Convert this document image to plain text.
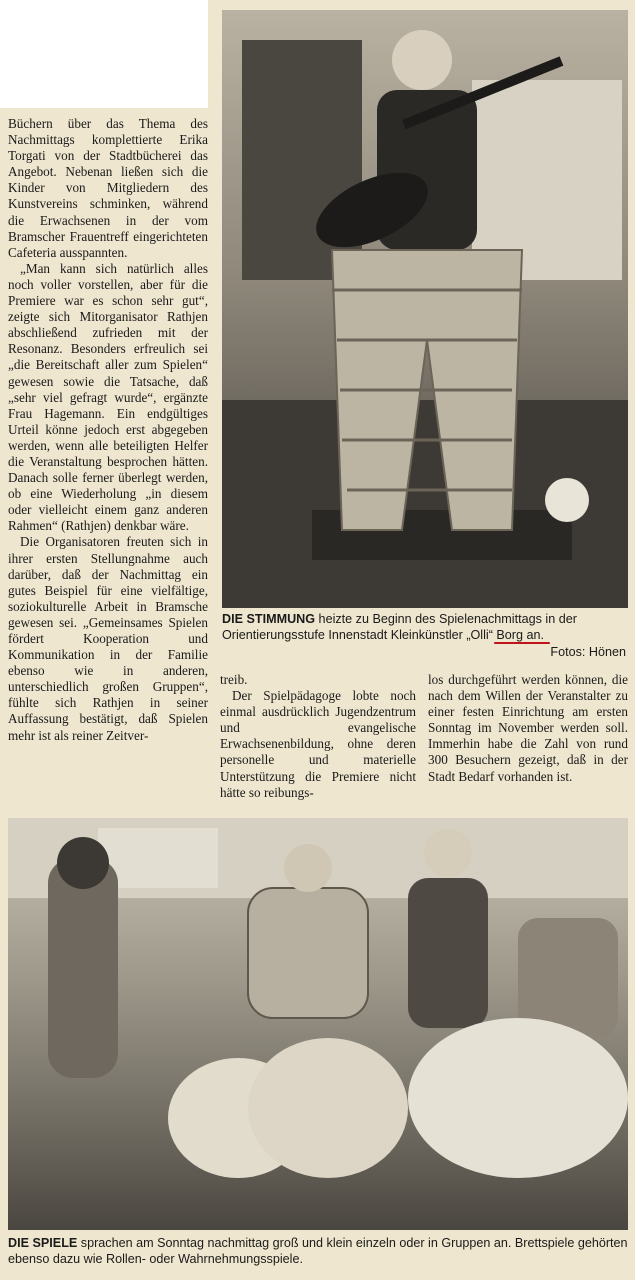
Büchern über das Thema des Nachmittags komplettierte Erika Torgati von der Stadtbücherei das Angebot. Nebenan ließen sich die Kinder von Mitgliedern des Kunstvereins schminken, während die Erwachsenen in der vom Bramscher Frauentreff eingerichteten Cafeteria ausspannten.

„Man kann sich natürlich alles noch voller vorstellen, aber für die Premiere war es schon sehr gut“, zeigte sich Mitorganisator Rathjen abschließend zufrieden mit der Resonanz. Besonders erfreulich sei „die Bereitschaft aller zum Spielen“ gewesen sowie die Tatsache, daß „sehr viel gefragt wurde“, ergänzte Frau Hagemann. Ein endgültiges Urteil könne jedoch erst abgegeben werden, wenn alle beteiligten Helfer die Veranstaltung besprochen hätten. Danach solle ferner überlegt werden, ob eine Wiederholung „in diesem oder vielleicht einem ganz anderen Rahmen“ (Rathjen) denkbar wäre.

Die Organisatoren freuten sich in ihrer ersten Stellungnahme auch darüber, daß der Nachmittag ein gutes Beispiel für eine vielfältige, soziokulturelle Arbeit in Bramsche gewesen sei. „Gemeinsames Spielen fördert Kooperation und Kommunikation in der Familie ebenso wie in anderen, unterschiedlich großen Gruppen“, fühlte sich Rathjen in seiner Auffassung bestätigt, daß Spielen mehr ist als reiner Zeitver-

DIE STIMMUNG heizte zu Beginn des Spielenachmittags in der Orientierungsstufe Innenstadt Kleinkünstler „Olli“ Borg an.
Fotos: Hönen

treib.

Der Spielpädagoge lobte noch einmal ausdrücklich Jugendzentrum und evangelische Erwachsenenbildung, ohne deren personelle und materielle Unterstützung die Premiere nicht hätte so reibungs-

los durchgeführt werden können, die nach dem Willen der Veranstalter zu einer festen Einrichtung am ersten Sonntag im November werden soll. Immerhin habe die Zahl von rund 300 Besuchern gezeigt, daß in der Stadt Bedarf vorhanden ist.

DIE SPIELE sprachen am Sonntag nachmittag groß und klein einzeln oder in Gruppen an. Brettspiele gehörten ebenso dazu wie Rollen- oder Wahrnehmungsspiele.
